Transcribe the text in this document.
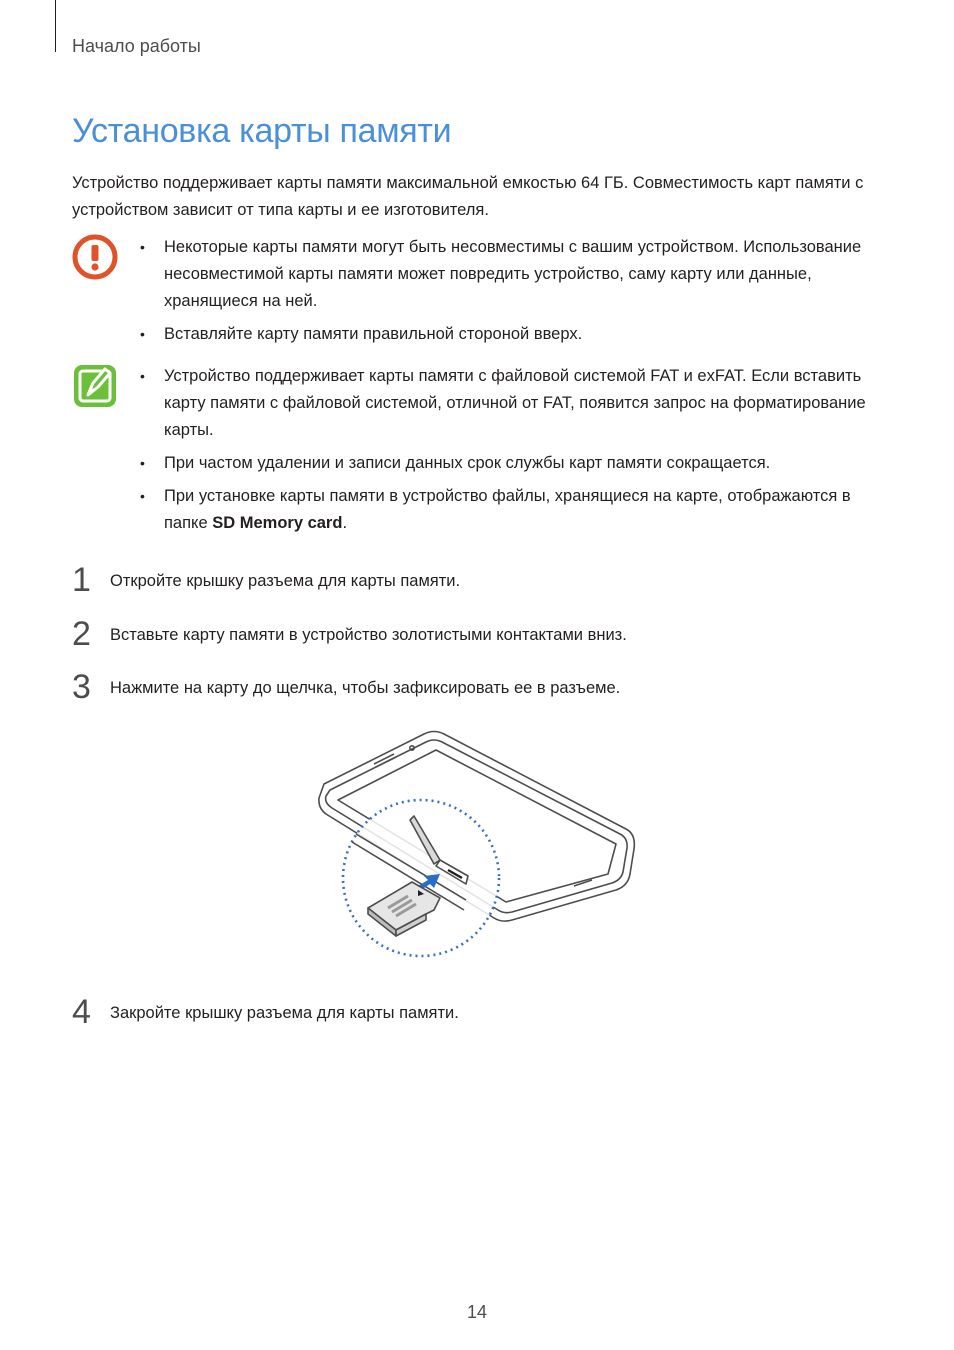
Начало работы
Установка карты памяти
Устройство поддерживает карты памяти максимальной емкостью 64 ГБ. Совместимость карт памяти с устройством зависит от типа карты и ее изготовителя.
• Некоторые карты памяти могут быть несовместимы с вашим устройством. Использование несовместимой карты памяти может повредить устройство, саму карту или данные, хранящиеся на ней.
• Вставляйте карту памяти правильной стороной вверх.
• Устройство поддерживает карты памяти с файловой системой FAT и exFAT. Если вставить карту памяти с файловой системой, отличной от FAT, появится запрос на форматирование карты.
• При частом удалении и записи данных срок службы карт памяти сокращается.
• При установке карты памяти в устройство файлы, хранящиеся на карте, отображаются в папке SD Memory card.
1 Откройте крышку разъема для карты памяти.
2 Вставьте карту памяти в устройство золотистыми контактами вниз.
3 Нажмите на карту до щелчка, чтобы зафиксировать ее в разъеме.
4 Закройте крышку разъема для карты памяти.
14
